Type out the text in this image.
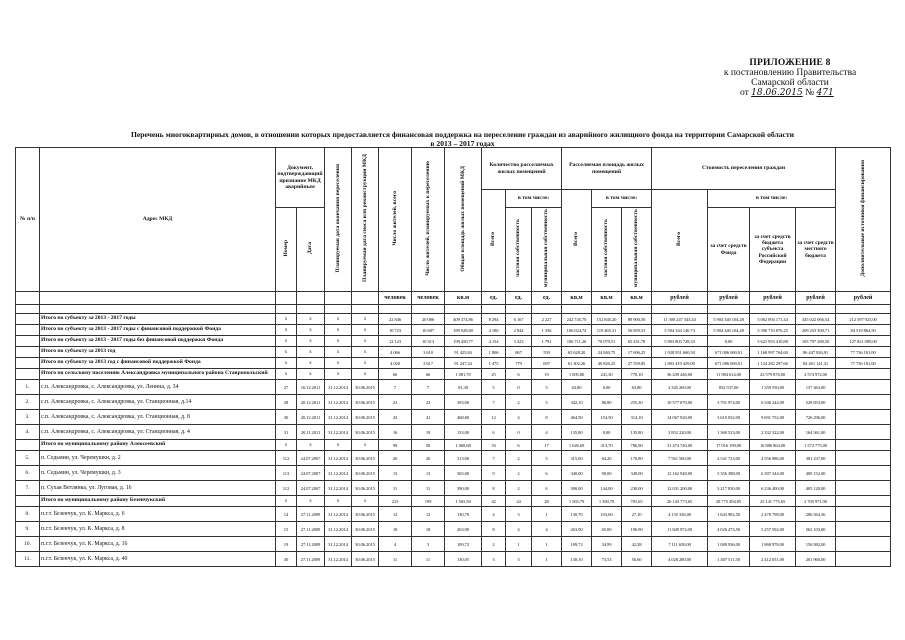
ПРИЛОЖЕНИЕ 8
к постановлению Правительства
Самарской области
от 18.06.2015 № 471
Перечень многоквартирных домов, в отношении которых предоставляется финансовая поддержка на переселение граждан из аварийного жилищного фонда на территории Самарской области
в 2013 – 2017 годах
№ п/п	Адрес МКД	Документ, подтверждающий признание МКД аварийным		Планируемая дата окончания переселения	Планируемая дата сноса или реконструкции МКД	Число жителей, всего	Число жителей, планируемых к переселению	Общая площадь жилых помещений МКД	Количество расселяемых жилых помещений			Расселяемая площадь жилых помещений			Стоимость переселения граждан				Дополнительные источники финансирования
									Всего	в том числе:		Всего	в том числе:		Всего	в том числе:			
		Номер	Дата							частная собственность	муниципальная собственность		частная собственность	муниципальная собственность		за счет средств Фонда	за счет средств бюджета субъекта Российской Федерации	за счет средств местного бюджета	
						человек	человек	кв.м	ед.	ед.	ед.	кв.м	кв.м	кв.м	рублей	рублей	рублей	рублей	рублей

	Итого по субъекту за 2013 - 2017 годы	x	x	x	x	22 846	20 086	409 374,86	8 294	6 167	2 227	242 745,70	152 845,20	89 900,50	11 300 247 343,44	5 904 340 104,28	5 062 894 171,44	345 022 066,54	212 397 925,00
	Итого по субъекту за 2013 - 2017 годы с финансовой поддержкой Фонда	x	x	x	x	10 723	10 687	189 928,69	4 180	2 844	1 336	106 024,74	119 465,31	56 859,53	5 504 344 140,73	5 904 340 104,28	3 390 710 876,25	209 253 300,71	84 519 864,50
	Итого по субъекту за 2013 - 2017 годы без финансовой поддержки Фонда	x	x	x	x	12 123	10 313	199 450,77	4 154	3 323	1 791	106 711,26	70 079,51	65 431,78	5 803 803 728,33	0,00	5 621 953 410,88	183 797 280,50	127 821 089,00
	Итого по субъекту за 2013 год	x	x	x	x	4 066	3 610	91 425,84	1 806	867	559	65 628,20	24 840,75	17 696,25	1 928 951 660,50	671 006 069,01	1 168 997 764,60	86 447 826,91	77 736 181,00
	Итого по субъекту за 2013 год с финансовой поддержкой Фонда	x	x	x	x	4 020	3 617	91 247,24	1 475	779	697	61 302,26	40 820,25	27 559,85	1 803 419 429,00	671 006 069,01	1 124 282 297,66	84 461 141,31	77 736 181,00
	Итого по сельскому поселению Александровка муниципального района Ставропольский	x	x	x	x	66	66	1 081,70	25	6	19	1 005,80	241,30	770,10	36 439 446,00	11 984 614,00	23 579 876,00	2 574 972,00	
1.	с.п. Александровка, с. Александровка, ул. Ленина, д. 34	27	16.12.2011	31.12.2014	30.06.2015	7	7	81,30	5	0	5	63,80	0,00	63,80	2 345 260,00	832 537,00	1 359 550,00	137 463,00	
2.	с.п. Александровка, с. Александровка, ул. Станционная, д.14	28	20.12.2011	31.12.2014	30.06.2015	23	23	393,00	7	2	5	342,10	86,80	255,30	10 577 070,00	3 701 974,00	6 346 242,00	528 853,00	
3.	с.п. Александровка, с. Александровка, ул. Станционная, д. 8	30	20.12.2011	31.12.2014	30.06.2015	43	41	468,80	12	4	8	464,50	154,50	314,10	14 067 920,00	3 610 032,00	9 691 752,00	726 296,00	
4.	с.п. Александровка, с. Александровка, ул. Станционная, д. 4	31	20.11.2011	31.12.2014	30.06.2015	16	19	133,00	6	0	4	135,80	0,00	135,80	3 852 220,00	1 360 523,00	2 332 322,00	164 361,00	
	Итого по муниципальному району Алексеевский	x	x	x	x	99	58	1 068,68	33	6	17	1 026,69	313,70	786,90	31 474 740,00	17 016 199,00	16 886 864,00	1 572 775,00	
5.	п. Седьмин, ул. Черемушки, д. 2	112	24.07.2007	31.12.2014	30.06.2015	26	26	313,00	7	2	5	315,00	64,20	170,80	7 561 560,00	2 541 723,00	4 556 986,00	381 237,00	
6.	п. Седьмин, ул. Черемушки, д. 3	113	24.07.2007	31.12.2014	30.06.2015	13	13	365,00	9	2	6	340,00	90,00	349,00	12 162 940,00	5 356 388,00	6 397 344,00	409 152,00	
7.	п. Сухая Ветлянка, ул. Луговая, д. 16	112	24.07.2007	31.12.2014	30.06.2015	11	11	390,00	8	2	6	390,00	144,00	230,00	12 031 200,00	3 217 830,00	6 236 400,00	405 120,00	
	Итого по муниципальному району Безенчукский	x	x	x	x	215	199	1 565,50	42	24	28	1 565,79	1 390,70	701,65	26 143 773,65	28 775 494,85	25 141 775,65	2 705 971,90	
8.	п.г.т. Безенчук, ул. К. Маркса, д. 6	14	27.11.2009	31.12.2014	30.06.2015	12	12	130,70	4	3	1	130,70	103,60	27,10	4 135 336,00	1 643 982,50	2 478 798,00	286 564,36	
9.	п.г.т. Безенчук, ул. К. Маркса, д. 8	15	27.11.2009	31.12.2014	30.06.2015	18	18	263,90	8	4	4	263,90	65,00	196,90	11 849 972,00	4 026 473,50	5 257 592,00	562 103,00	
10.	п.г.т. Безенчук, ул. К. Маркса, д. 16	19	27.11.2009	31.12.2014	30.06.2015	4	3	109,72	2	1	1	109,72	34,99	42,38	7 111 650,00	1 088 936,00	1 868 978,00	156 982,00	
11.	п.г.т. Безенчук, ул. К. Маркса, д. 40	30	27.11.2009	31.12.2014	30.06.2015	11	11	130,05	3	3	1	130,10	73,53	56,60	4 028 280,00	1 407 511,50	2 412 051,00	201 960,00	
